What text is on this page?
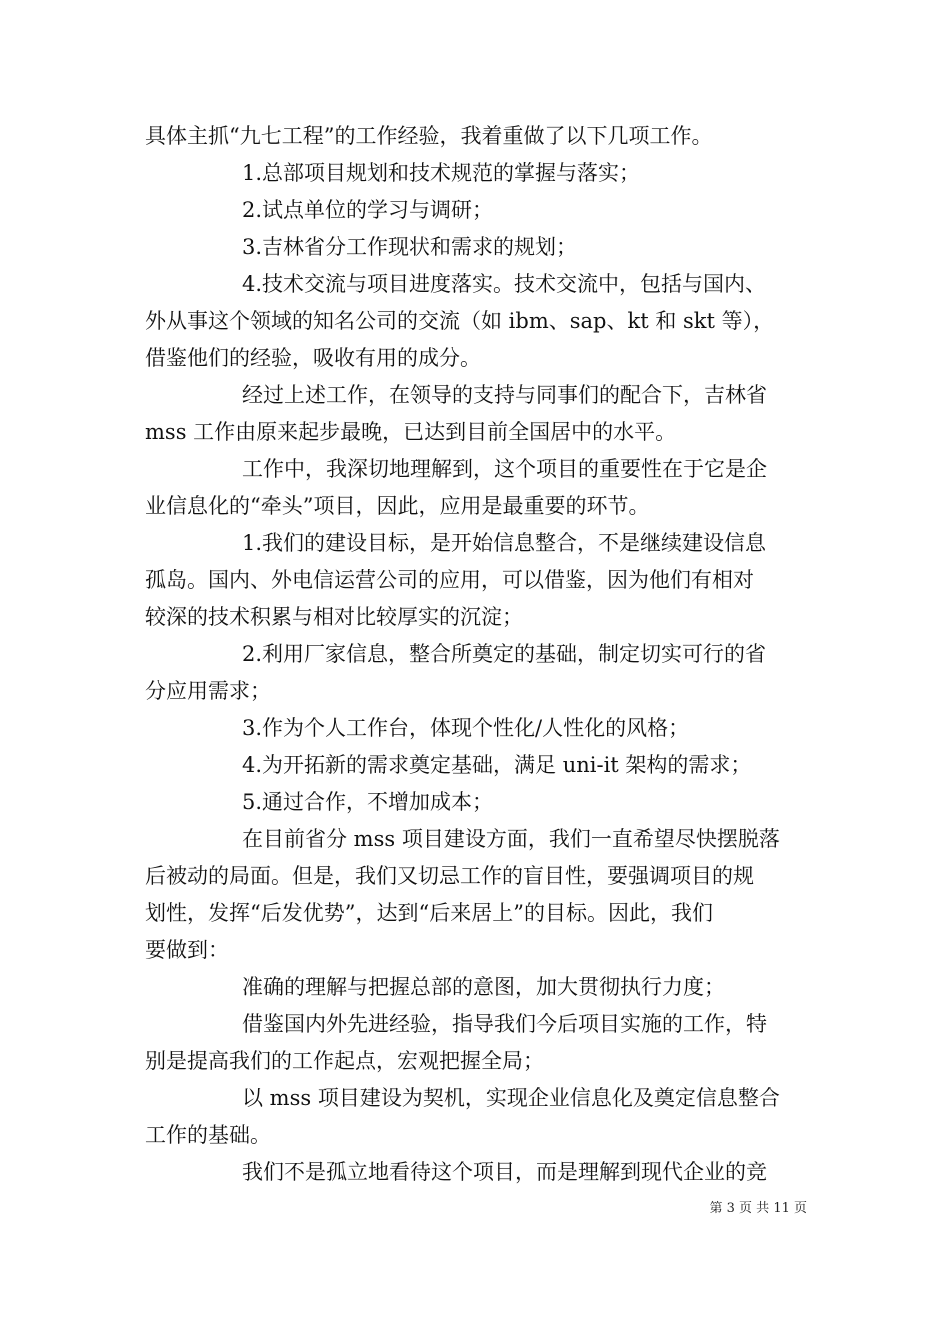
具体主抓“九七工程”的工作经验，我着重做了以下几项工作。
1.总部项目规划和技术规范的掌握与落实；
2.试点单位的学习与调研；
3.吉林省分工作现状和需求的规划；
4.技术交流与项目进度落实。技术交流中，包括与国内、
外从事这个领域的知名公司的交流（如 ibm、sap、kt 和 skt 等），
借鉴他们的经验，吸收有用的成分。
经过上述工作，在领导的支持与同事们的配合下，吉林省
mss 工作由原来起步最晚，已达到目前全国居中的水平。
工作中，我深切地理解到，这个项目的重要性在于它是企
业信息化的“牵头”项目，因此，应用是最重要的环节。
1.我们的建设目标，是开始信息整合，不是继续建设信息
孤岛。国内、外电信运营公司的应用，可以借鉴，因为他们有相对
较深的技术积累与相对比较厚实的沉淀；
2.利用厂家信息，整合所奠定的基础，制定切实可行的省
分应用需求；
3.作为个人工作台，体现个性化/人性化的风格；
4.为开拓新的需求奠定基础，满足 uni-it 架构的需求；
5.通过合作，不增加成本；
在目前省分 mss 项目建设方面，我们一直希望尽快摆脱落
后被动的局面。但是，我们又切忌工作的盲目性，要强调项目的规
划性，发挥“后发优势”，达到“后来居上”的目标。因此，我们
要做到：
准确的理解与把握总部的意图，加大贯彻执行力度；
借鉴国内外先进经验，指导我们今后项目实施的工作，特
别是提高我们的工作起点，宏观把握全局；
以 mss 项目建设为契机，实现企业信息化及奠定信息整合
工作的基础。
我们不是孤立地看待这个项目，而是理解到现代企业的竞
第 3 页 共 11 页
